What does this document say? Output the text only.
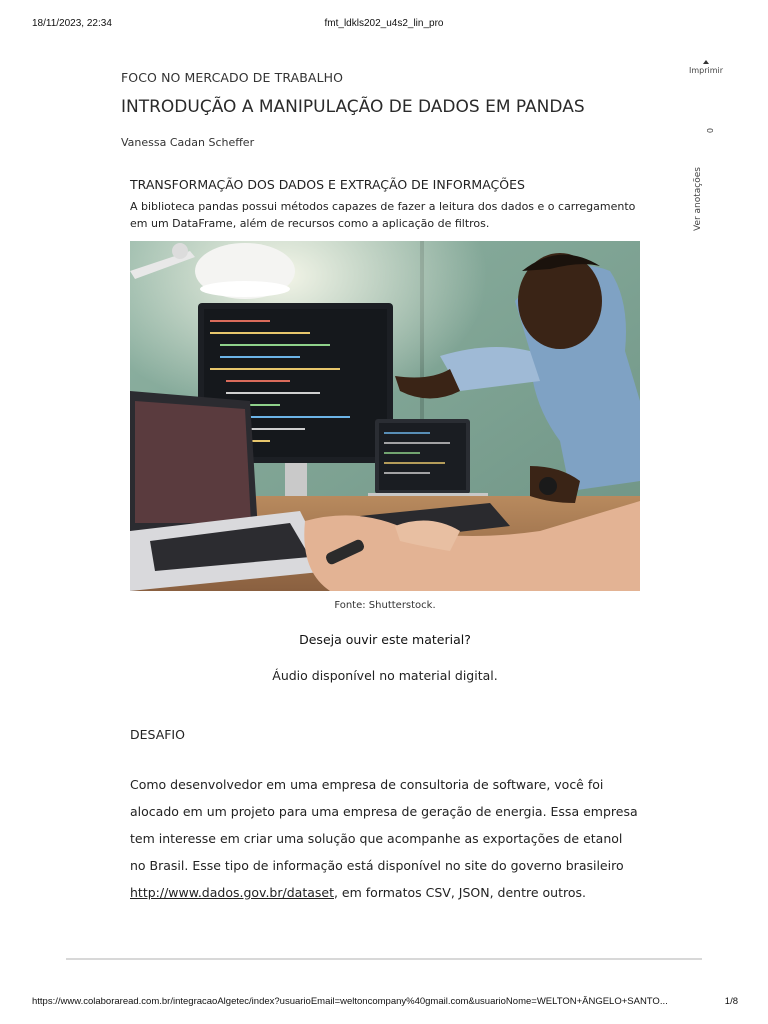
18/11/2023, 22:34	fmt_ldkls202_u4s2_lin_pro
Imprimir
0
Ver anotações
FOCO NO MERCADO DE TRABALHO
INTRODUÇÃO A MANIPULAÇÃO DE DADOS EM PANDAS
Vanessa Cadan Scheffer
TRANSFORMAÇÃO DOS DADOS E EXTRAÇÃO DE INFORMAÇÕES

A biblioteca pandas possui métodos capazes de fazer a leitura dos dados e o carregamento em um DataFrame, além de recursos como a aplicação de filtros.

Fonte: Shutterstock.
Deseja ouvir este material?
Áudio disponível no material digital.
DESAFIO

Como desenvolvedor em uma empresa de consultoria de software, você foi alocado em um projeto para uma empresa de geração de energia. Essa empresa tem interesse em criar uma solução que acompanhe as exportações de etanol no Brasil. Esse tipo de informação está disponível no site do governo brasileiro http://www.dados.gov.br/dataset, em formatos CSV, JSON, dentre outros.

https://www.colaboraread.com.br/integracaoAlgetec/index?usuarioEmail=weltoncompany%40gmail.com&usuarioNome=WELTON+ÂNGELO+SANTO...	1/8
